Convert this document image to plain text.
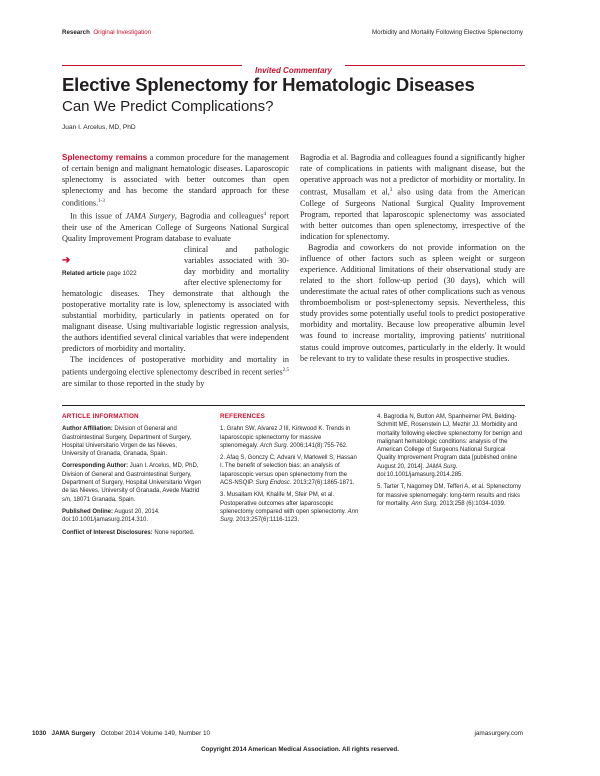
Research Original Investigation	Morbidity and Mortality Following Elective Splenectomy
Invited Commentary
Elective Splenectomy for Hematologic Diseases
Can We Predict Complications?
Juan I. Arcelus, MD, PhD

Splenectomy remains a common procedure for the management of certain benign and malignant hematologic diseases. Laparoscopic splenectomy is associated with better outcomes than open splenectomy and has become the standard approach for these conditions.$^{1-3}$

In this issue of JAMA Surgery, Bagrodia and colleagues$^4$ report their use of the American College of Surgeons National Surgical Quality Improvement Program database to evaluate

➔
Related article page 1022

clinical and pathologic variables associated with 30-day morbidity and mortality after elective splenectomy for

hematologic diseases. They demonstrate that although the postoperative mortality rate is low, splenectomy is associated with substantial morbidity, particularly in patients operated on for malignant disease. Using multivariable logistic regression analysis, the authors identified several clinical variables that were independent predictors of morbidity and mortality.

The incidences of postoperative morbidity and mortality in patients undergoing elective splenectomy described in recent series$^{2,5}$ are similar to those reported in the study by

Bagrodia et al. Bagrodia and colleagues found a significantly higher rate of complications in patients with malignant disease, but the operative approach was not a predictor of morbidity or mortality. In contrast, Musallam et al,$^3$ also using data from the American College of Surgeons National Surgical Quality Improvement Program, reported that laparoscopic splenectomy was associated with better outcomes than open splenectomy, irrespective of the indication for splenectomy.

Bagrodia and coworkers do not provide information on the influence of other factors such as spleen weight or surgeon experience. Additional limitations of their observational study are related to the short follow-up period (30 days), which will underestimate the actual rates of other complications such as venous thromboembolism or post-splenectomy sepsis. Nevertheless, this study provides some potentially useful tools to predict postoperative morbidity and mortality. Because low preoperative albumin level was found to increase mortality, improving patients' nutritional status could improve outcomes, particularly in the elderly. It would be relevant to try to validate these results in prospective studies.

ARTICLE INFORMATION

Author Affiliation: Division of General and Gastrointestinal Surgery, Department of Surgery, Hospital Universitario Virgen de las Nieves, University of Granada, Granada, Spain.

Corresponding Author: Juan I. Arcelus, MD, PhD, Division of General and Gastrointestinal Surgery, Department of Surgery, Hospital Universitario Virgen de las Nieves, University of Granada, Avede Madrid s/n, 18071 Granada, Spain.

Published Online: August 20, 2014. doi:10.1001/jamasurg.2014.310.

Conflict of Interest Disclosures: None reported.

REFERENCES

1. Grahn SW, Alvarez J III, Kirkwood K. Trends in laparoscopic splenectomy for massive splenomegaly. Arch Surg. 2006;141(8):755-762.

2. Afaq S, Gonczy C, Advani V, Markwell S, Hassan I. The benefit of selection bias: an analysis of laparoscopic versus open splenectomy from the ACS-NSQIP. Surg Endosc. 2013;27(6):1865-1871.

3. Musallam KM, Khalife M, Sfeir PM, et al. Postoperative outcomes after laparoscopic splenectomy compared with open splenectomy. Ann Surg. 2013;257(6):1116-1123.

4. Bagrodia N, Button AM, Spanheimer PM, Belding-Schmitt ME, Rosenstein LJ, Mezhir JJ. Morbidity and mortality following elective splenectomy for benign and malignant hematologic conditions: analysis of the American College of Surgeons National Surgical Quality Improvement Program data [published online August 20, 2014]. JAMA Surg. doi:10.1001/jamasurg.2014.285.

5. Tarter T, Nagomey DM, Tefferi A, et al. Splenectomy for massive splenomegaly: long-term results and risks for mortality. Ann Surg. 2013;258 (6):1034-1039.

1030 JAMA Surgery October 2014 Volume 149, Number 10	jamasurgery.com
Copyright 2014 American Medical Association. All rights reserved.
